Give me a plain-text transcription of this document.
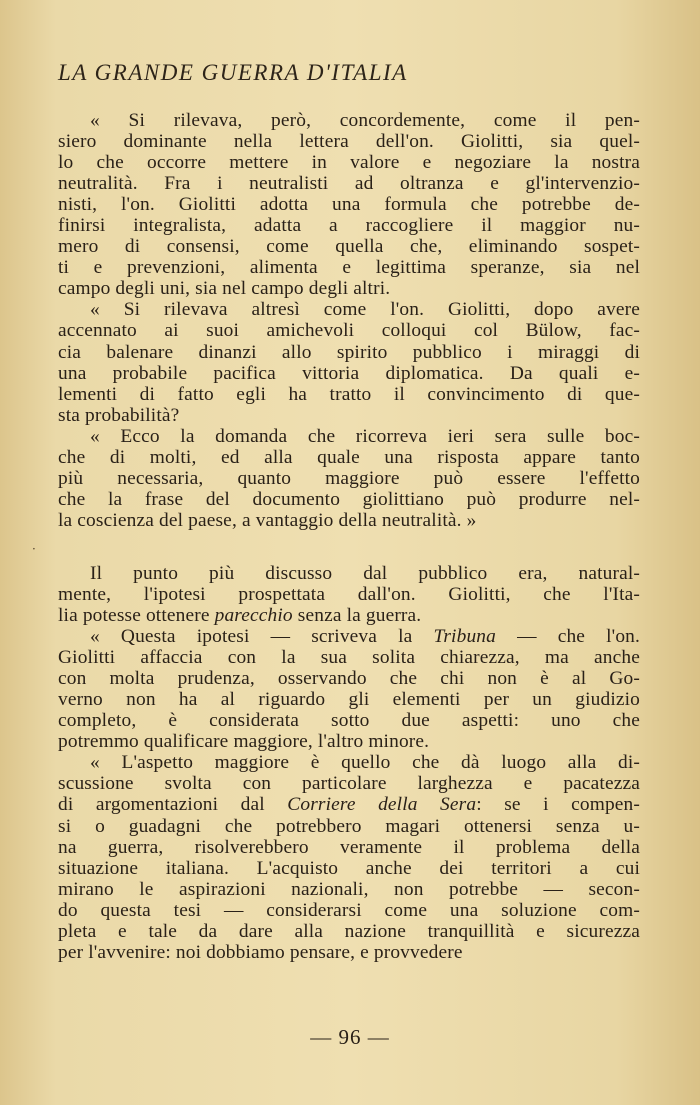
LA GRANDE GUERRA D'ITALIA
·
« Si rilevava, però, concordemente, come il pen-
siero dominante nella lettera dell'on. Giolitti, sia quel-
lo che occorre mettere in valore e negoziare la nostra
neutralità. Fra i neutralisti ad oltranza e gl'intervenzio-
nisti, l'on. Giolitti adotta una formula che potrebbe de-
finirsi integralista, adatta a raccogliere il maggior nu-
mero di consensi, come quella che, eliminando sospet-
ti e prevenzioni, alimenta e legittima speranze, sia nel
campo degli uni, sia nel campo degli altri.
« Si rilevava altresì come l'on. Giolitti, dopo avere
accennato ai suoi amichevoli colloqui col Bülow, fac-
cia balenare dinanzi allo spirito pubblico i miraggi di
una probabile pacifica vittoria diplomatica. Da quali e-
lementi di fatto egli ha tratto il convincimento di que-
sta probabilità?
« Ecco la domanda che ricorreva ieri sera sulle boc-
che di molti, ed alla quale una risposta appare tanto
più necessaria, quanto maggiore può essere l'effetto
che la frase del documento giolittiano può produrre nel-
la coscienza del paese, a vantaggio della neutralità. »
Il punto più discusso dal pubblico era, natural-
mente, l'ipotesi prospettata dall'on. Giolitti, che l'Ita-
lia potesse ottenere parecchio senza la guerra.
« Questa ipotesi — scriveva la Tribuna — che l'on.
Giolitti affaccia con la sua solita chiarezza, ma anche
con molta prudenza, osservando che chi non è al Go-
verno non ha al riguardo gli elementi per un giudizio
completo, è considerata sotto due aspetti: uno che
potremmo qualificare maggiore, l'altro minore.
« L'aspetto maggiore è quello che dà luogo alla di-
scussione svolta con particolare larghezza e pacatezza
di argomentazioni dal Corriere della Sera: se i compen-
si o guadagni che potrebbero magari ottenersi senza u-
na guerra, risolverebbero veramente il problema della
situazione italiana. L'acquisto anche dei territori a cui
mirano le aspirazioni nazionali, non potrebbe — secon-
do questa tesi — considerarsi come una soluzione com-
pleta e tale da dare alla nazione tranquillità e sicurezza
per l'avvenire: noi dobbiamo pensare, e provvedere
— 96 —
